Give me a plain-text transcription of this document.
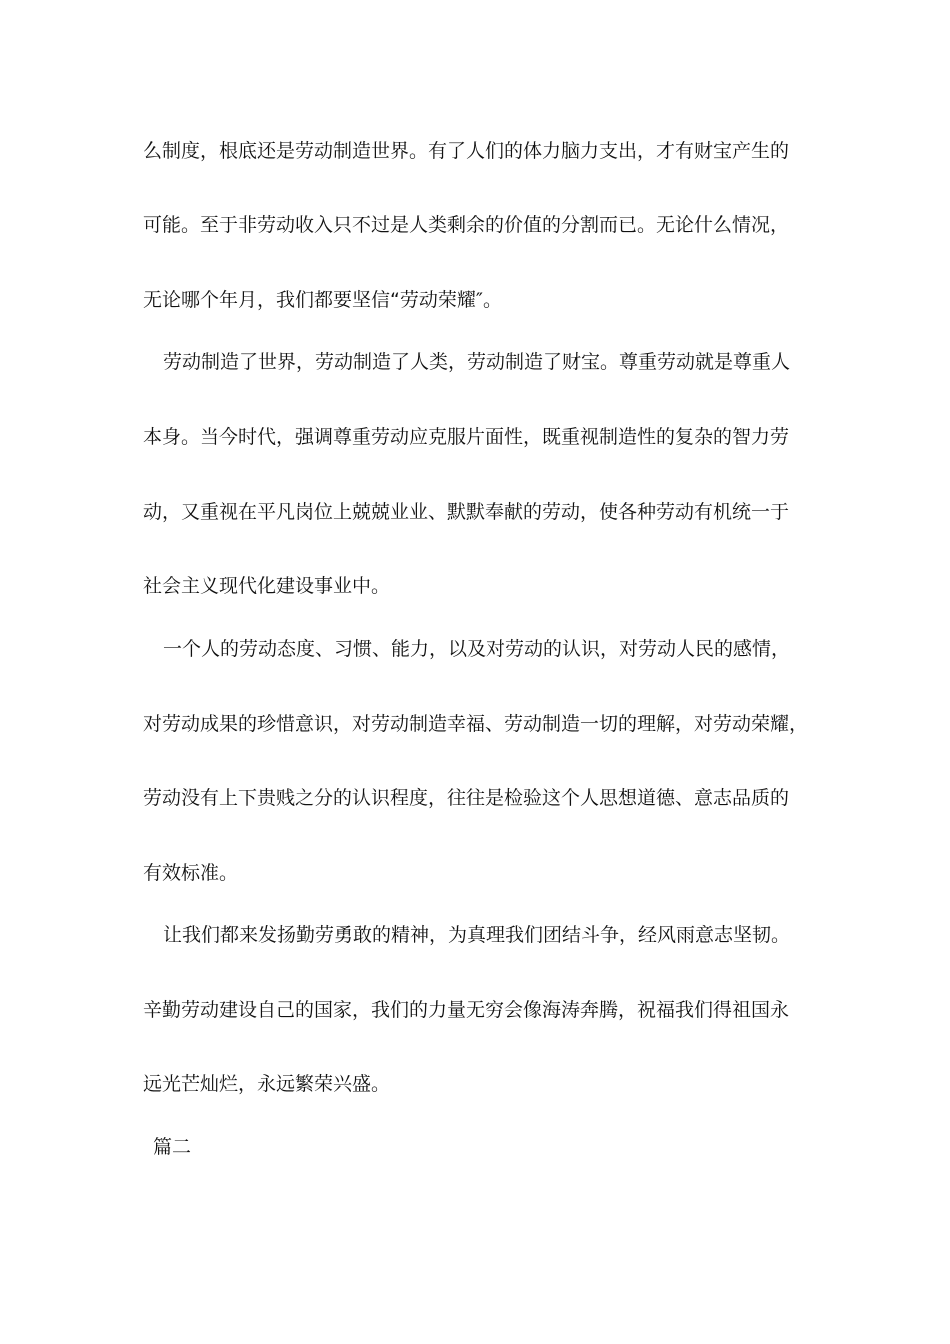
么制度，根底还是劳动制造世界。有了人们的体力脑力支出，才有财宝产生的
可能。至于非劳动收入只不过是人类剩余的价值的分割而已。无论什么情况，
无论哪个年月，我们都要坚信“劳动荣耀″。
劳动制造了世界，劳动制造了人类，劳动制造了财宝。尊重劳动就是尊重人
本身。当今时代，强调尊重劳动应克服片面性，既重视制造性的复杂的智力劳
动，又重视在平凡岗位上兢兢业业、默默奉献的劳动，使各种劳动有机统一于
社会主义现代化建设事业中。
一个人的劳动态度、习惯、能力，以及对劳动的认识，对劳动人民的感情，
对劳动成果的珍惜意识，对劳动制造幸福、劳动制造一切的理解，对劳动荣耀，
劳动没有上下贵贱之分的认识程度，往往是检验这个人思想道德、意志品质的
有效标准。
让我们都来发扬勤劳勇敢的精神，为真理我们团结斗争，经风雨意志坚韧。
辛勤劳动建设自己的国家，我们的力量无穷会像海涛奔腾，祝福我们得祖国永
远光芒灿烂，永远繁荣兴盛。
篇二
